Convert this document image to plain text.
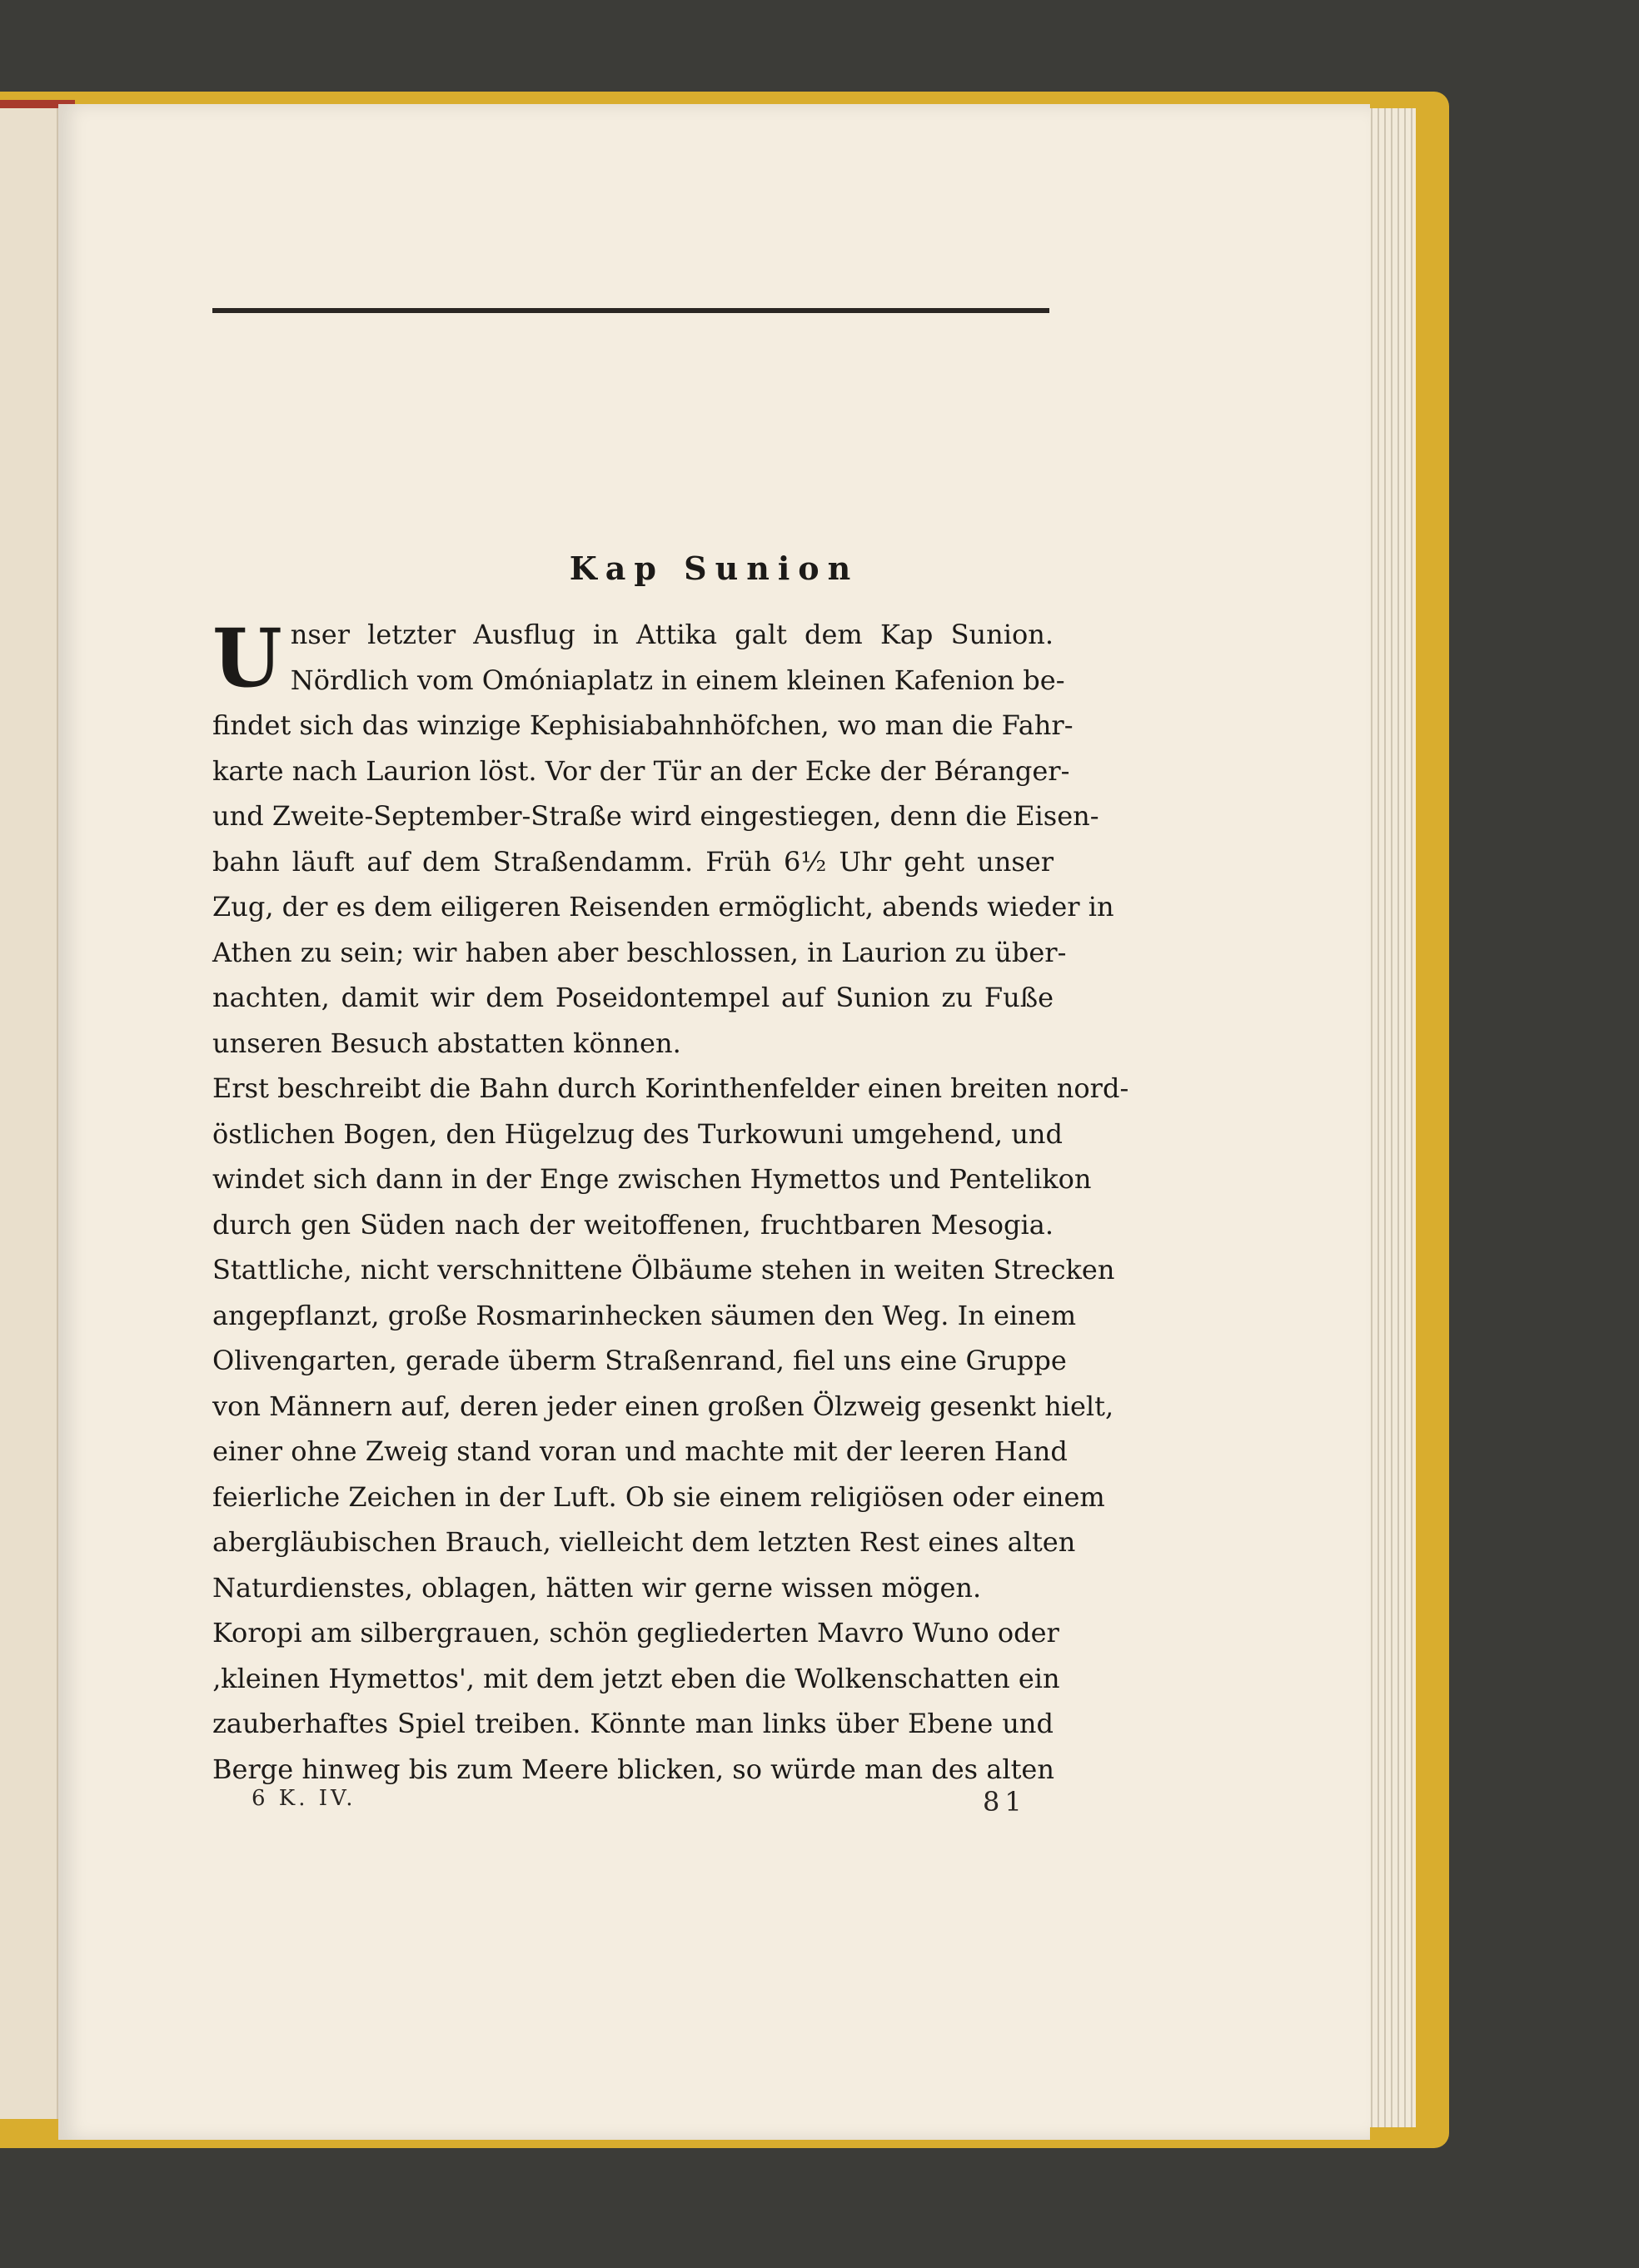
Kap Sunion
U nser letzter Ausflug in Attika galt dem Kap Sunion.
Nördlich vom Omóniaplatz in einem kleinen Kafenion be-
findet sich das winzige Kephisiabahnhöfchen, wo man die Fahr-
karte nach Laurion löst. Vor der Tür an der Ecke der Béranger-
und Zweite-September-Straße wird eingestiegen, denn die Eisen-
bahn läuft auf dem Straßendamm. Früh 6½ Uhr geht unser
Zug, der es dem eiligeren Reisenden ermöglicht, abends wieder in
Athen zu sein; wir haben aber beschlossen, in Laurion zu über-
nachten, damit wir dem Poseidontempel auf Sunion zu Fuße
unseren Besuch abstatten können.
Erst beschreibt die Bahn durch Korinthenfelder einen breiten nord-
östlichen Bogen, den Hügelzug des Turkowuni umgehend, und
windet sich dann in der Enge zwischen Hymettos und Pentelikon
durch gen Süden nach der weitoffenen, fruchtbaren Mesogia.
Stattliche, nicht verschnittene Ölbäume stehen in weiten Strecken
angepflanzt, große Rosmarinhecken säumen den Weg. In einem
Olivengarten, gerade überm Straßenrand, fiel uns eine Gruppe
von Männern auf, deren jeder einen großen Ölzweig gesenkt hielt,
einer ohne Zweig stand voran und machte mit der leeren Hand
feierliche Zeichen in der Luft. Ob sie einem religiösen oder einem
abergläubischen Brauch, vielleicht dem letzten Rest eines alten
Naturdienstes, oblagen, hätten wir gerne wissen mögen.
Koropi am silbergrauen, schön gegliederten Mavro Wuno oder
‚kleinen Hymettos', mit dem jetzt eben die Wolkenschatten ein
zauberhaftes Spiel treiben. Könnte man links über Ebene und
Berge hinweg bis zum Meere blicken, so würde man des alten
6 K. IV.	81
